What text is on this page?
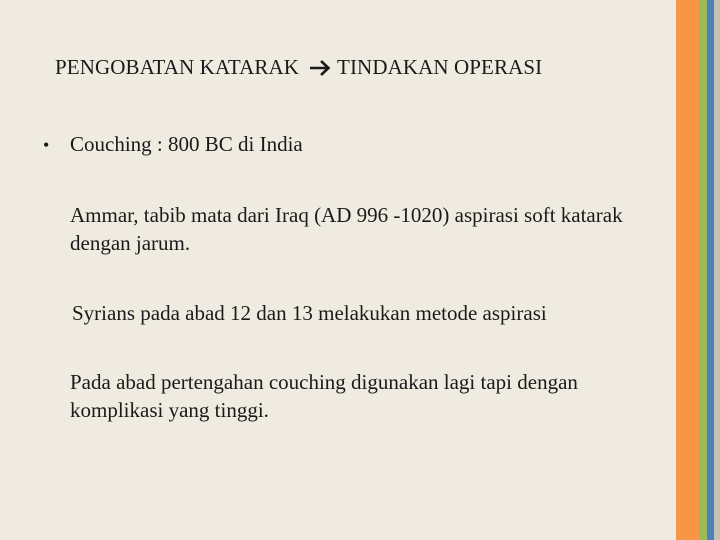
PENGOBATAN KATARAK TINDAKAN OPERASI
• Couching : 800 BC di India
Ammar, tabib mata dari Iraq (AD 996 -1020) aspirasi soft katarak dengan jarum.
Syrians pada abad 12 dan 13 melakukan metode aspirasi
Pada abad pertengahan couching digunakan lagi tapi dengan komplikasi yang tinggi.
